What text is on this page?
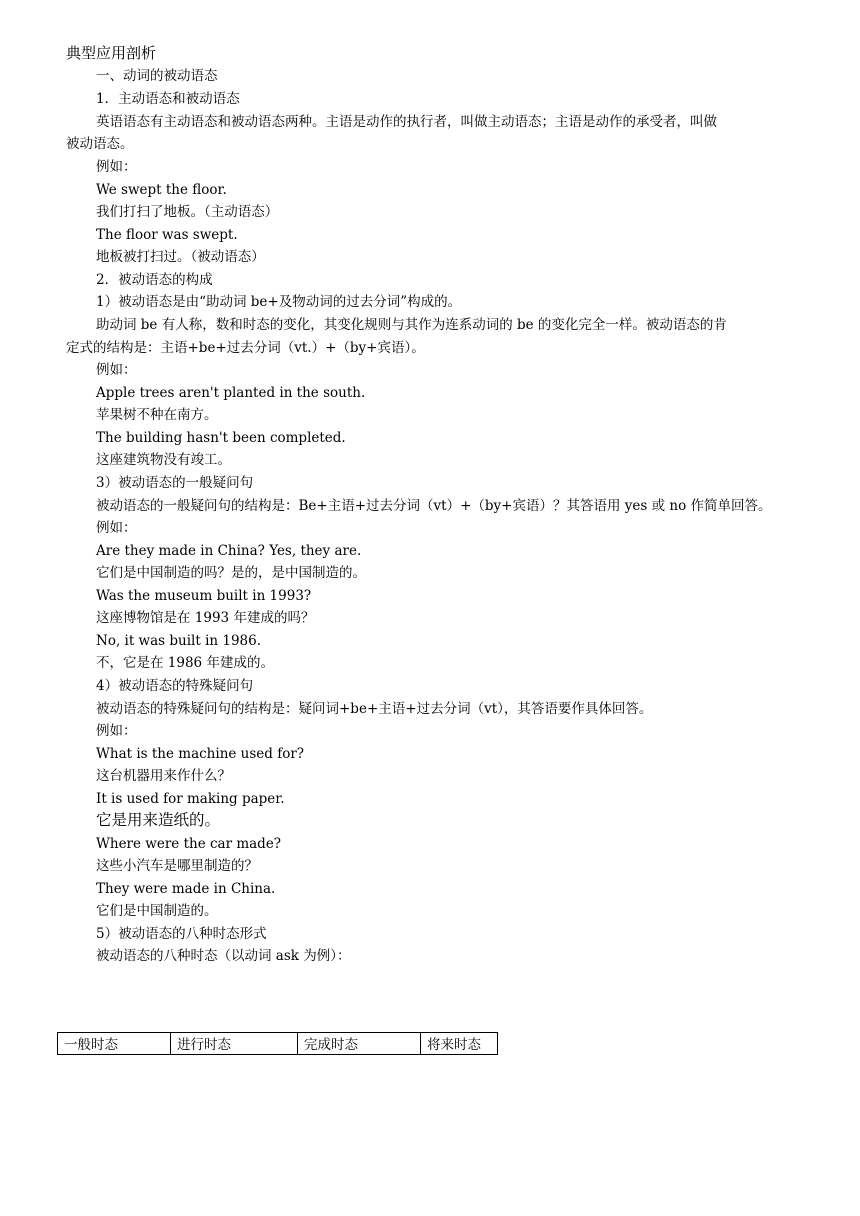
典型应用剖析
一、动词的被动语态
1．主动语态和被动语态
英语语态有主动语态和被动语态两种。主语是动作的执行者，叫做主动语态；主语是动作的承受者，叫做
被动语态。
例如：
We swept the floor.
我们打扫了地板。（主动语态）
The floor was swept.
地板被打扫过。（被动语态）
2．被动语态的构成
1）被动语态是由“助动词 be+及物动词的过去分词”构成的。
助动词 be 有人称，数和时态的变化，其变化规则与其作为连系动词的 be 的变化完全一样。被动语态的肯
定式的结构是：主语+be+过去分词（vt.）+（by+宾语）。
例如：
Apple trees aren't planted in the south.
苹果树不种在南方。
The building hasn't been completed.
这座建筑物没有竣工。
3）被动语态的一般疑问句
被动语态的一般疑问句的结构是：Be+主语+过去分词（vt）+（by+宾语）？其答语用 yes 或 no 作简单回答。
例如：
Are they made in China? Yes, they are.
它们是中国制造的吗？是的，是中国制造的。
Was the museum built in 1993?
这座博物馆是在 1993 年建成的吗？
No, it was built in 1986.
不，它是在 1986 年建成的。
4）被动语态的特殊疑问句
被动语态的特殊疑问句的结构是：疑问词+be+主语+过去分词（vt），其答语要作具体回答。
例如：
What is the machine used for?
这台机器用来作什么？
It is used for making paper.
它是用来造纸的。
Where were the car made?
这些小汽车是哪里制造的？
They were made in China.
它们是中国制造的。
5）被动语态的八种时态形式
被动语态的八种时态（以动词 ask 为例）：
一般时态	进行时态	完成时态	将来时态
